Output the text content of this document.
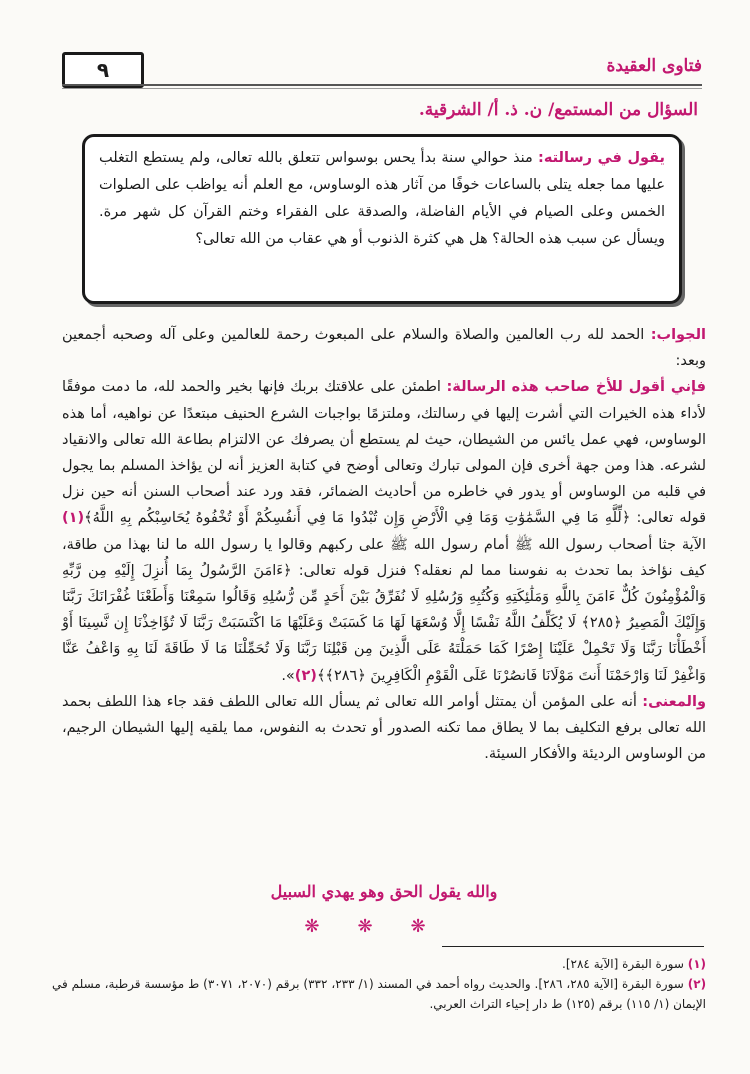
فتاوى العقيدة
٩
السؤال من المستمع/ ن. ذ. أ/ الشرقية.
يقول في رسالته: منذ حوالي سنة بدأ يحس بوسواس تتعلق بالله تعالى، ولم يستطع التغلب عليها مما جعله يتلى بالساعات خوفًا من آثار هذه الوساوس، مع العلم أنه يواظب على الصلوات الخمس وعلى الصيام في الأيام الفاضلة، والصدقة على الفقراء وختم القرآن كل شهر مرة. ويسأل عن سبب هذه الحالة؟ هل هي كثرة الذنوب أو هي عقاب من الله تعالى؟

الجواب: الحمد لله رب العالمين والصلاة والسلام على المبعوث رحمة للعالمين وعلى آله وصحبه أجمعين وبعد:

فإني أقول للأخ صاحب هذه الرسالة: اطمئن على علاقتك بربك فإنها بخير والحمد لله، ما دمت موفقًا لأداء هذه الخيرات التي أشرت إليها في رسالتك، وملتزمًا بواجبات الشرع الحنيف مبتعدًا عن نواهيه، أما هذه الوساوس، فهي عمل يائس من الشيطان، حيث لم يستطع أن يصرفك عن الالتزام بطاعة الله تعالى والانقياد لشرعه. هذا ومن جهة أخرى فإن المولى تبارك وتعالى أوضح في كتابة العزيز أنه لن يؤاخذ المسلم بما يجول في قلبه من الوساوس أو يدور في خاطره من أحاديث الضمائر، فقد ورد عند أصحاب السنن أنه حين نزل قوله تعالى: ﴿لِّلَّهِ مَا فِي السَّمَٰوَٰتِ وَمَا فِي الْأَرْضِ وَإِن تُبْدُوا مَا فِي أَنفُسِكُمْ أَوْ تُخْفُوهُ يُحَاسِبْكُم بِهِ اللَّهُ﴾(١) الآية جثا أصحاب رسول الله ﷺ أمام رسول الله ﷺ على ركبهم وقالوا يا رسول الله ما لنا بهذا من طاقة، كيف نؤاخذ بما تحدث به نفوسنا مما لم نعقله؟ فنزل قوله تعالى: ﴿ءَامَنَ الرَّسُولُ بِمَا أُنزِلَ إِلَيْهِ مِن رَّبِّهِ وَالْمُؤْمِنُونَ كُلٌّ ءَامَنَ بِاللَّهِ وَمَلَٰئِكَتِهِ وَكُتُبِهِ وَرُسُلِهِ لَا نُفَرِّقُ بَيْنَ أَحَدٍ مِّن رُّسُلِهِ وَقَالُوا سَمِعْنَا وَأَطَعْنَا غُفْرَانَكَ رَبَّنَا وَإِلَيْكَ الْمَصِيرُ ﴿٢٨٥﴾ لَا يُكَلِّفُ اللَّهُ نَفْسًا إِلَّا وُسْعَهَا لَهَا مَا كَسَبَتْ وَعَلَيْهَا مَا اكْتَسَبَتْ رَبَّنَا لَا تُؤَاخِذْنَا إِن نَّسِينَا أَوْ أَخْطَأْنَا رَبَّنَا وَلَا تَحْمِلْ عَلَيْنَا إِصْرًا كَمَا حَمَلْتَهُ عَلَى الَّذِينَ مِن قَبْلِنَا رَبَّنَا وَلَا تُحَمِّلْنَا مَا لَا طَاقَةَ لَنَا بِهِ وَاعْفُ عَنَّا وَاغْفِرْ لَنَا وَارْحَمْنَا أَنتَ مَوْلَانَا فَانصُرْنَا عَلَى الْقَوْمِ الْكَافِرِينَ ﴿٢٨٦﴾﴾(٢)».

والمعنى: أنه على المؤمن أن يمتثل أوامر الله تعالى ثم يسأل الله تعالى اللطف فقد جاء هذا اللطف بحمد الله تعالى برفع التكليف بما لا يطاق مما تكنه الصدور أو تحدث به النفوس، مما يلقيه إليها الشيطان الرجيم، من الوساوس الرديئة والأفكار السيئة.

والله يقول الحق وهو يهدي السبيل
❋❋❋

(١) سورة البقرة [الآية ٢٨٤].

(٢) سورة البقرة [الآية ٢٨٥، ٢٨٦]. والحديث رواه أحمد في المسند (١/ ٢٣٣، ٣٣٢) برقم (٢٠٧٠، ٣٠٧١) ط مؤسسة قرطبة، مسلم في الإيمان (١/ ١١٥) برقم (١٢٥) ط دار إحياء التراث العربي.
